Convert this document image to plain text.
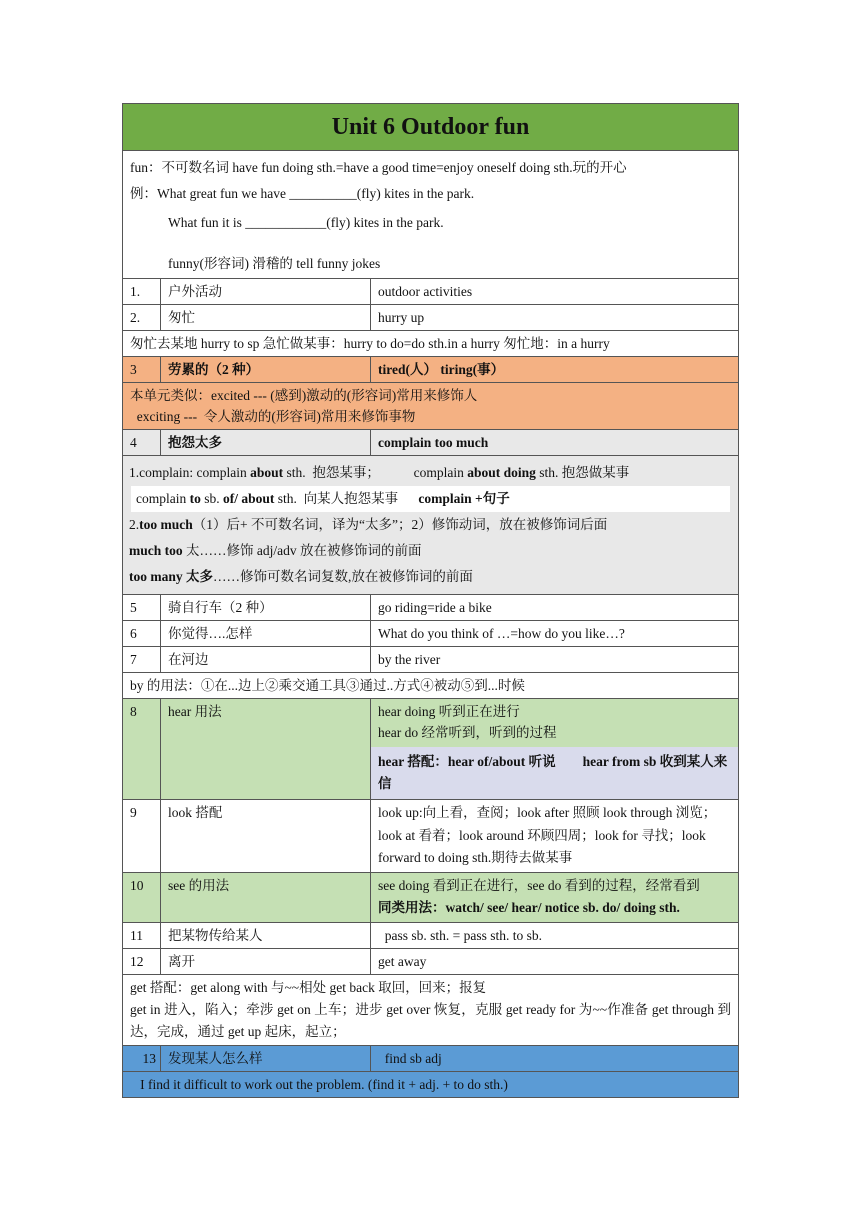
Unit 6 Outdoor fun		

fun：不可数名词 have fun doing sth.=have a good time=enjoy oneself doing sth.玩的开心
例：What great fun we have __________(fly) kites in the park.
What fun it is ____________(fly) kites in the park.
funny(形容词) 滑稽的 tell funny jokes		

1.	户外活动	outdoor activities
2.	匆忙	hurry up
匆忙去某地 hurry to sp 急忙做某事：hurry to do=do sth.in a hurry 匆忙地：in a hurry		
3	劳累的（2 种）	tired(人） tiring(事）

本单元类似：excited --- (感到)激动的(形容词)常用来修饰人
exciting ---  令人激动的(形容词)常用来修饰事物		

4	抱怨太多	complain too much

1.complain: complain about sth.  抱怨某事；          complain about doing sth. 抱怨做某事
complain to sb. of/ about sth.  向某人抱怨某事      complain +句子
2.too much（1）后+ 不可数名词，译为“太多”；2）修饰动词，放在被修饰词后面
much too 太……修饰 adj/adv 放在被修饰词的前面
too many 太多……修饰可数名词复数,放在被修饰词的前面		

5	骑自行车（2 种）	go riding=ride a bike
6	你觉得….怎样	What do you think of …=how do you like…?
7	在河边	by the river
by 的用法：①在...边上②乘交通工具③通过..方式④被动⑤到...时候		
8	hear 用法	hear doing 听到正在进行
hear do 经常听到，听到的过程
hear 搭配：hear of/about 听说        hear from sb 收到某人来信

9	look 搭配	look up:向上看，查阅；look after 照顾 look through 浏览；
look at 看着；look around 环顾四周；look for 寻找；look forward to doing sth.期待去做某事

10	see 的用法	see doing 看到正在进行，see do 看到的过程，经常看到
同类用法：watch/ see/ hear/ notice sb. do/ doing sth.

11	把某物传给某人	pass sb. sth. = pass sth. to sb.
12	离开	get away

get 搭配：get along with 与~~相处 get back 取回，回来；报复
get in 进入，陷入；牵涉 get on 上车；进步 get over 恢复，克服 get ready for 为~~作准备 get through 到达，完成，通过 get up 起床，起立；		

13	发现某人怎么样	find sb adj
I find it difficult to work out the problem. (find it + adj. + to do sth.)		
